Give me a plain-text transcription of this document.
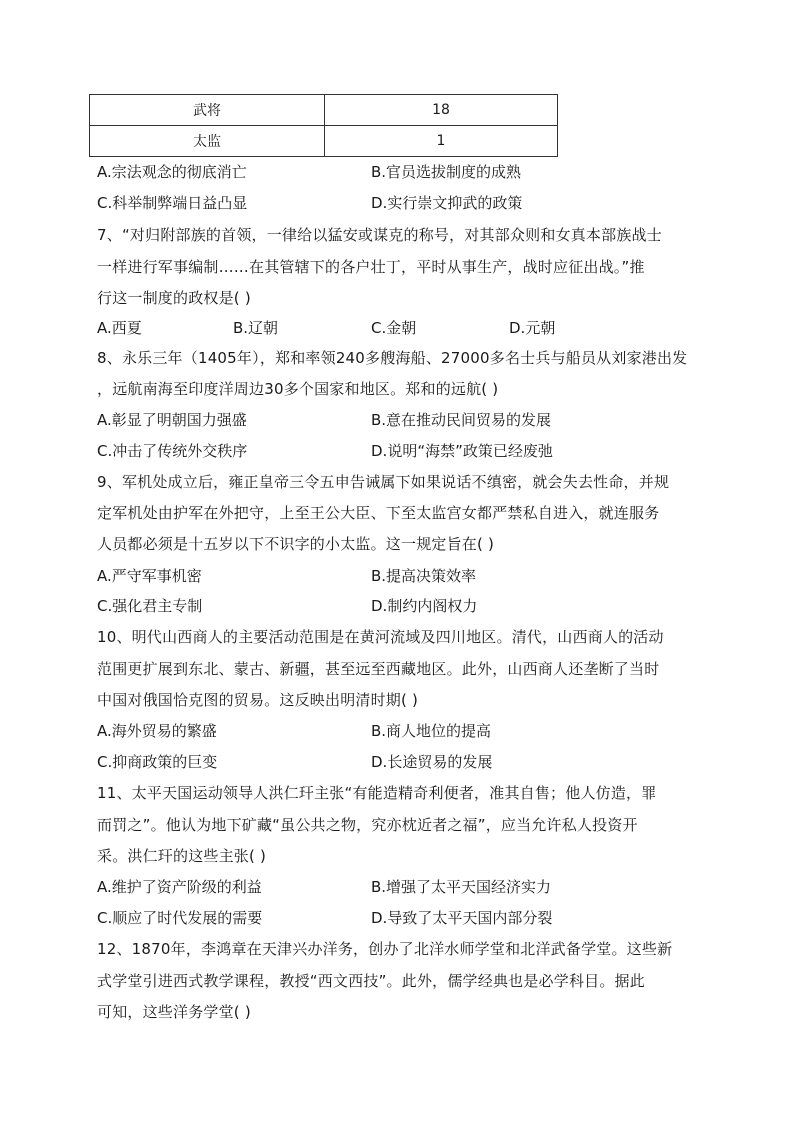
武将	18
太监	1
A.宗法观念的彻底消亡	B.官员选拔制度的成熟
C.科举制弊端日益凸显	D.实行崇文抑武的政策
7、“对归附部族的首领，一律给以猛安或谋克的称号，对其部众则和女真本部族战士
一样进行军事编制……在其管辖下的各户壮丁，平时从事生产，战时应征出战。”推
行这一制度的政权是( )
A.西夏	B.辽朝	C.金朝	D.元朝
8、永乐三年（1405年），郑和率领240多艘海船、27000多名士兵与船员从刘家港出发
，远航南海至印度洋周边30多个国家和地区。郑和的远航( )
A.彰显了明朝国力强盛	B.意在推动民间贸易的发展
C.冲击了传统外交秩序	D.说明“海禁”政策已经废弛
9、军机处成立后，雍正皇帝三令五申告诫属下如果说话不缜密，就会失去性命，并规
定军机处由护军在外把守，上至王公大臣、下至太监宫女都严禁私自进入，就连服务
人员都必须是十五岁以下不识字的小太监。这一规定旨在( )
A.严守军事机密	B.提高决策效率
C.强化君主专制	D.制约内阁权力
10、明代山西商人的主要活动范围是在黄河流域及四川地区。清代，山西商人的活动
范围更扩展到东北、蒙古、新疆，甚至远至西藏地区。此外，山西商人还垄断了当时
中国对俄国恰克图的贸易。这反映出明清时期( )
A.海外贸易的繁盛	B.商人地位的提高
C.抑商政策的巨变	D.长途贸易的发展
11、太平天国运动领导人洪仁玕主张“有能造精奇利便者，准其自售；他人仿造，罪
而罚之”。他认为地下矿藏“虽公共之物，究亦枕近者之福”，应当允许私人投资开
采。洪仁玕的这些主张( )
A.维护了资产阶级的利益	B.增强了太平天国经济实力
C.顺应了时代发展的需要	D.导致了太平天国内部分裂
12、1870年，李鸿章在天津兴办洋务，创办了北洋水师学堂和北洋武备学堂。这些新
式学堂引进西式教学课程，教授“西文西技”。此外，儒学经典也是必学科目。据此
可知，这些洋务学堂( )
